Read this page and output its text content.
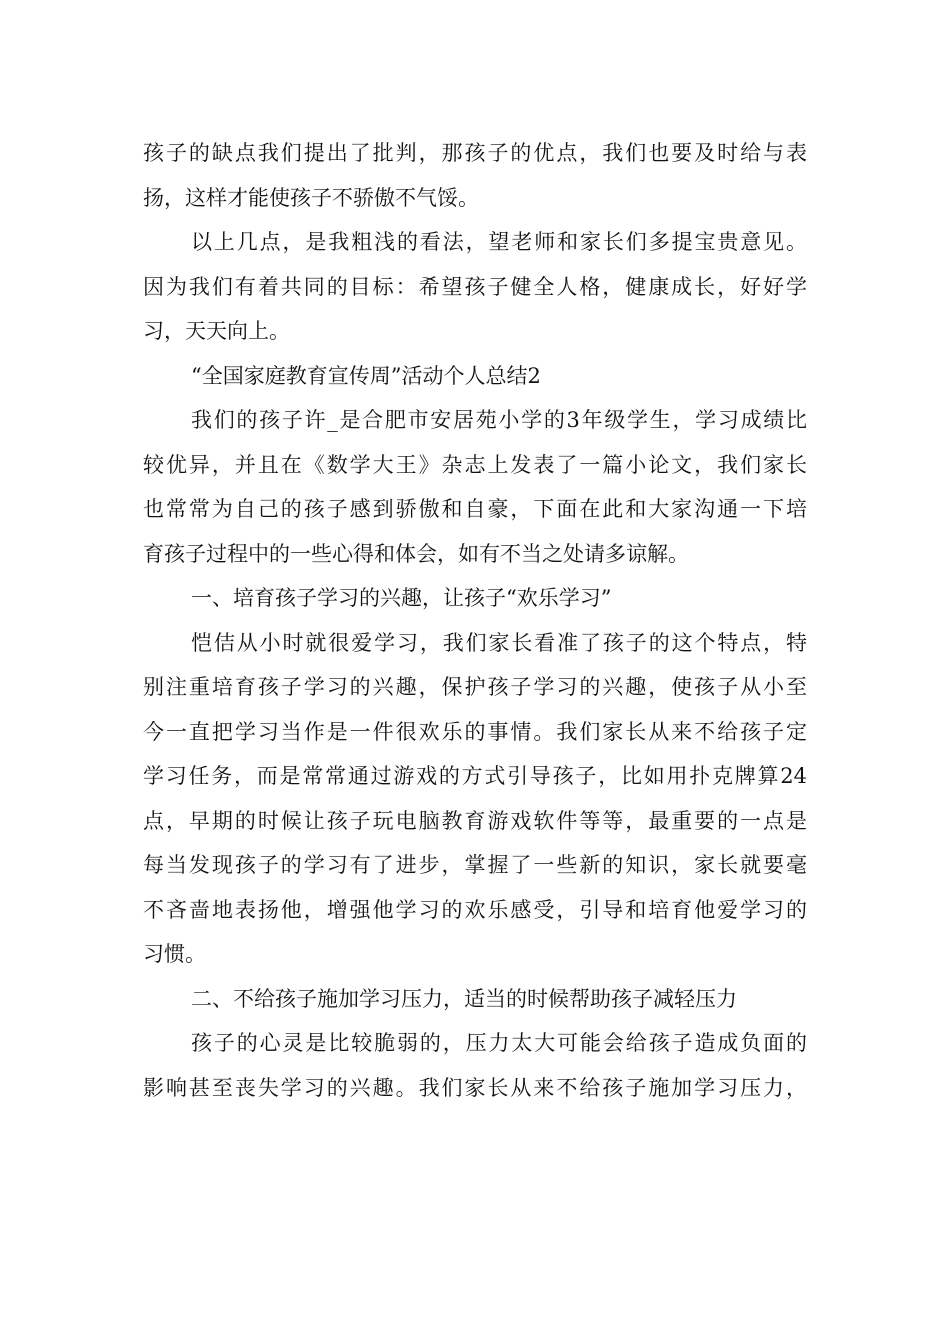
孩子的缺点我们提出了批判，那孩子的优点，我们也要及时给与表
扬，这样才能使孩子不骄傲不气馁。
以上几点，是我粗浅的看法，望老师和家长们多提宝贵意见。
因为我们有着共同的目标：希望孩子健全人格，健康成长，好好学
习，天天向上。
“全国家庭教育宣传周”活动个人总结2
我们的孩子许_是合肥市安居苑小学的3年级学生，学习成绩比
较优异，并且在《数学大王》杂志上发表了一篇小论文，我们家长
也常常为自己的孩子感到骄傲和自豪，下面在此和大家沟通一下培
育孩子过程中的一些心得和体会，如有不当之处请多谅解。
一、培育孩子学习的兴趣，让孩子“欢乐学习”
恺佶从小时就很爱学习，我们家长看准了孩子的这个特点，特
别注重培育孩子学习的兴趣，保护孩子学习的兴趣，使孩子从小至
今一直把学习当作是一件很欢乐的事情。我们家长从来不给孩子定
学习任务，而是常常通过游戏的方式引导孩子，比如用扑克牌算24
点，早期的时候让孩子玩电脑教育游戏软件等等，最重要的一点是
每当发现孩子的学习有了进步，掌握了一些新的知识，家长就要毫
不吝啬地表扬他，增强他学习的欢乐感受，引导和培育他爱学习的
习惯。
二、不给孩子施加学习压力，适当的时候帮助孩子减轻压力
孩子的心灵是比较脆弱的，压力太大可能会给孩子造成负面的
影响甚至丧失学习的兴趣。我们家长从来不给孩子施加学习压力，
